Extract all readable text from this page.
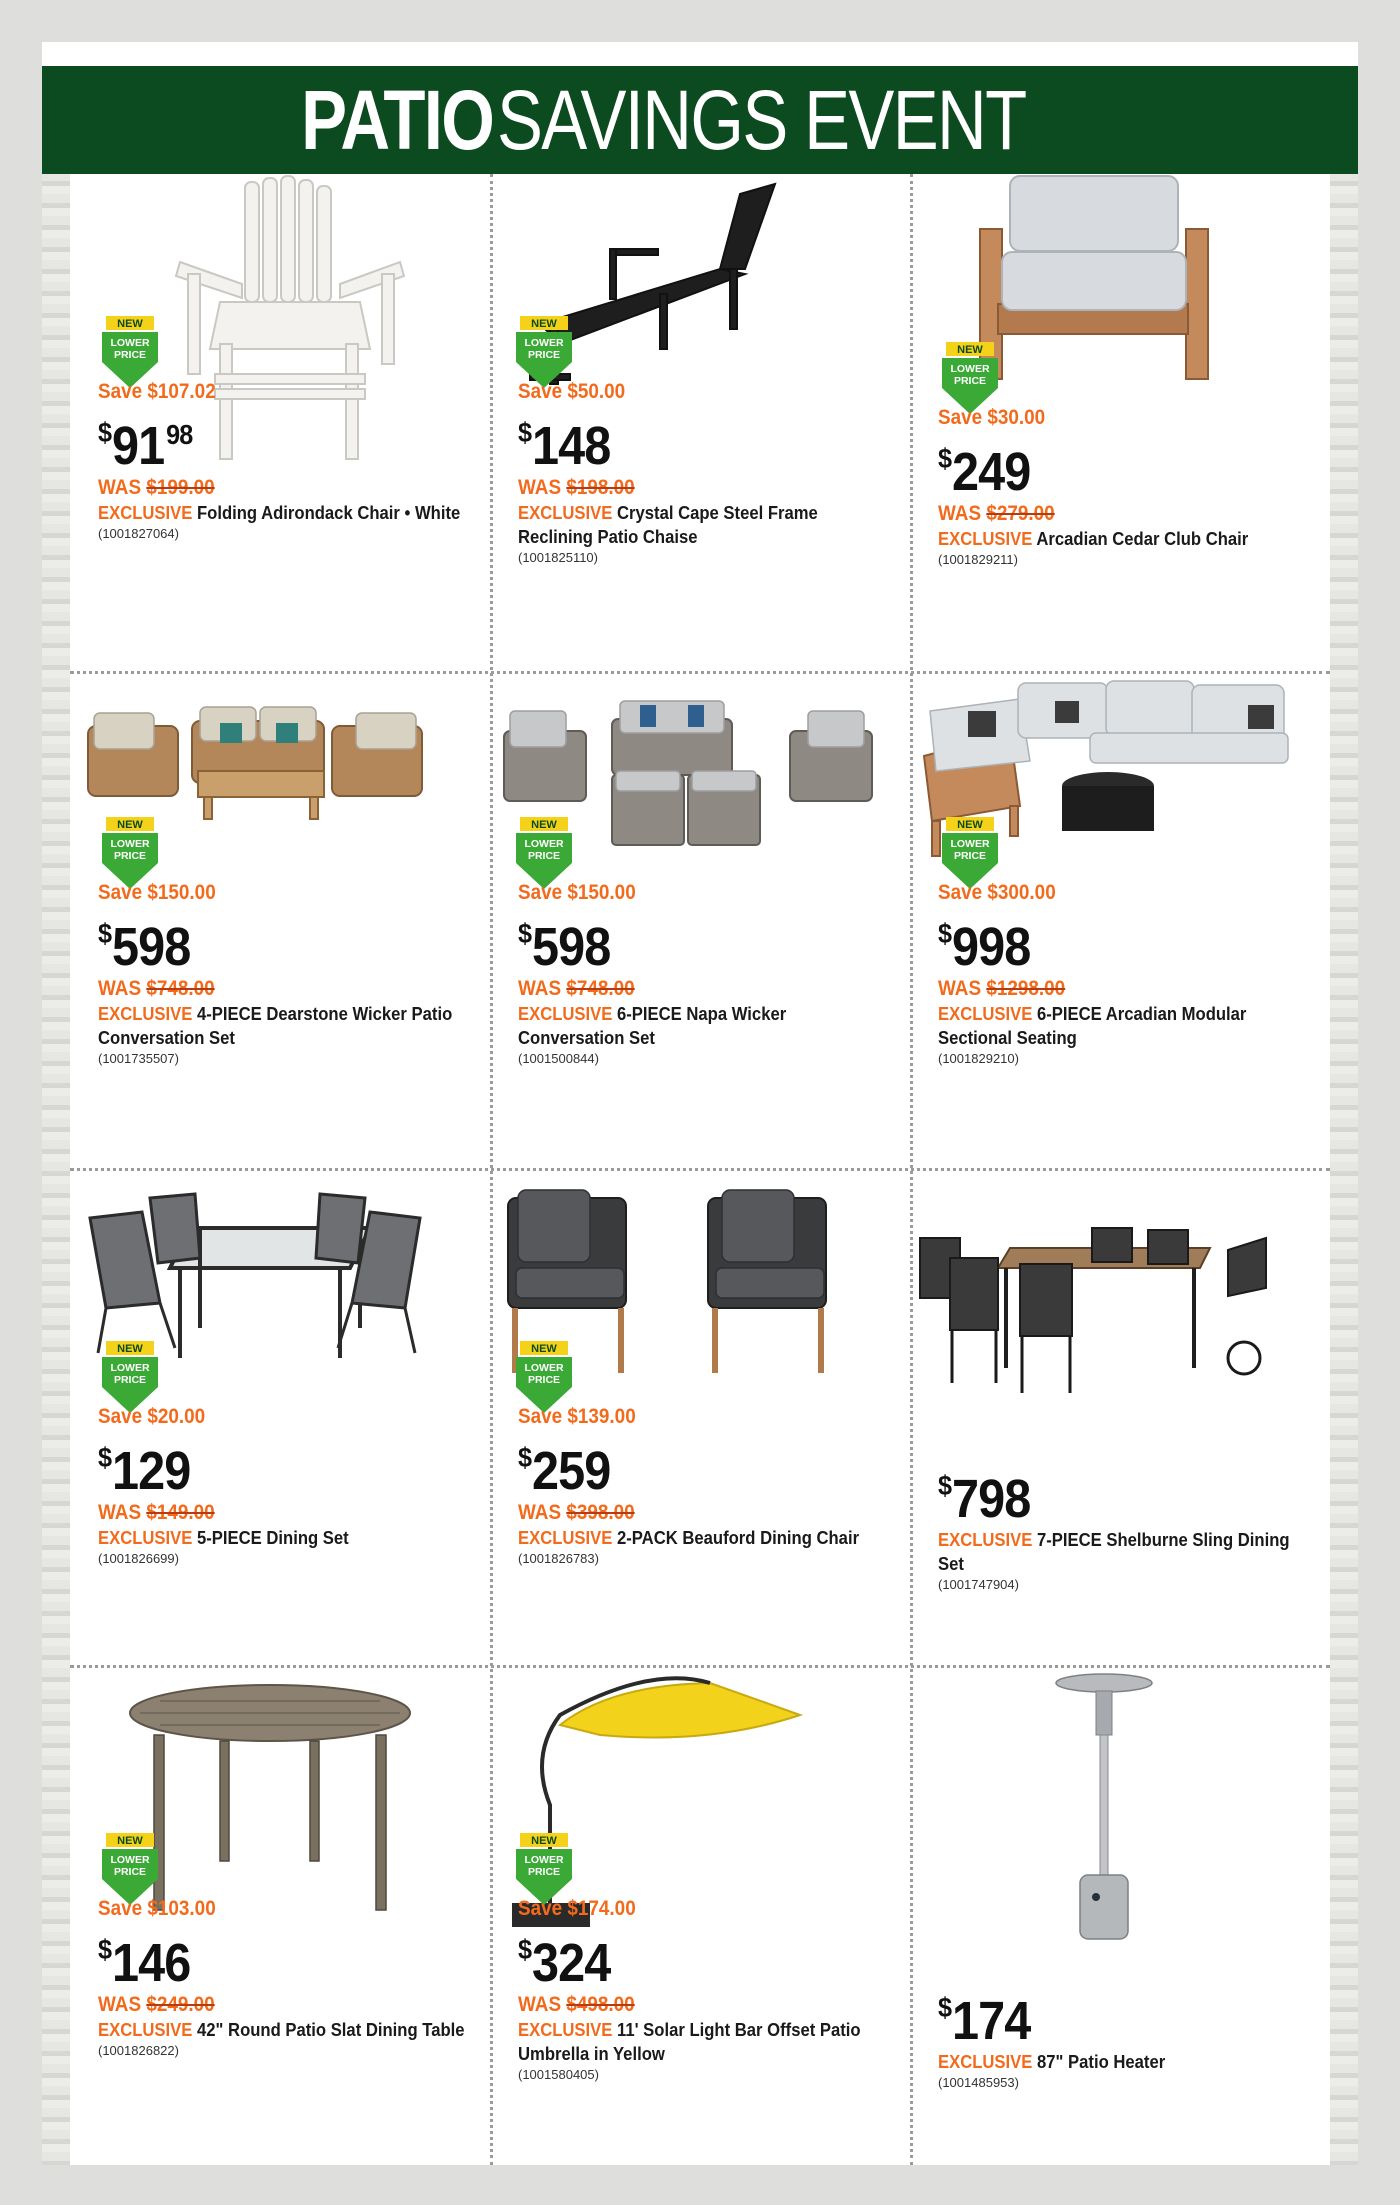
PATIO SAVINGS EVENT
NEW
LOWER
PRICE
Save $107.02
$^{\$}91^{98}$
WAS $199.00
EXCLUSIVE Folding Adirondack Chair • White
(1001827064)
NEW
LOWER
PRICE
Save $50.00
$148
WAS $198.00
EXCLUSIVE Crystal Cape Steel Frame Reclining Patio Chaise
(1001825110)
NEW
LOWER
PRICE
Save $30.00
$249
WAS $279.00
EXCLUSIVE Arcadian Cedar Club Chair
(1001829211)
NEW
LOWER
PRICE
Save $150.00
$598
WAS $748.00
EXCLUSIVE 4-PIECE Dearstone Wicker Patio Conversation Set
(1001735507)
NEW
LOWER
PRICE
Save $150.00
$598
WAS $748.00
EXCLUSIVE 6-PIECE Napa Wicker Conversation Set
(1001500844)
NEW
LOWER
PRICE
Save $300.00
$998
WAS $1298.00
EXCLUSIVE 6-PIECE Arcadian Modular Sectional Seating
(1001829210)
NEW
LOWER
PRICE
Save $20.00
$129
WAS $149.00
EXCLUSIVE 5-PIECE Dining Set
(1001826699)
NEW
LOWER
PRICE
Save $139.00
$259
WAS $398.00
EXCLUSIVE 2-PACK Beauford Dining Chair
(1001826783)
$798
EXCLUSIVE 7-PIECE Shelburne Sling Dining Set
(1001747904)
NEW
LOWER
PRICE
Save $103.00
$146
WAS $249.00
EXCLUSIVE 42" Round Patio Slat Dining Table
(1001826822)
NEW
LOWER
PRICE
Save $174.00
$324
WAS $498.00
EXCLUSIVE 11' Solar Light Bar Offset Patio Umbrella in Yellow
(1001580405)
$174
EXCLUSIVE 87" Patio Heater
(1001485953)
